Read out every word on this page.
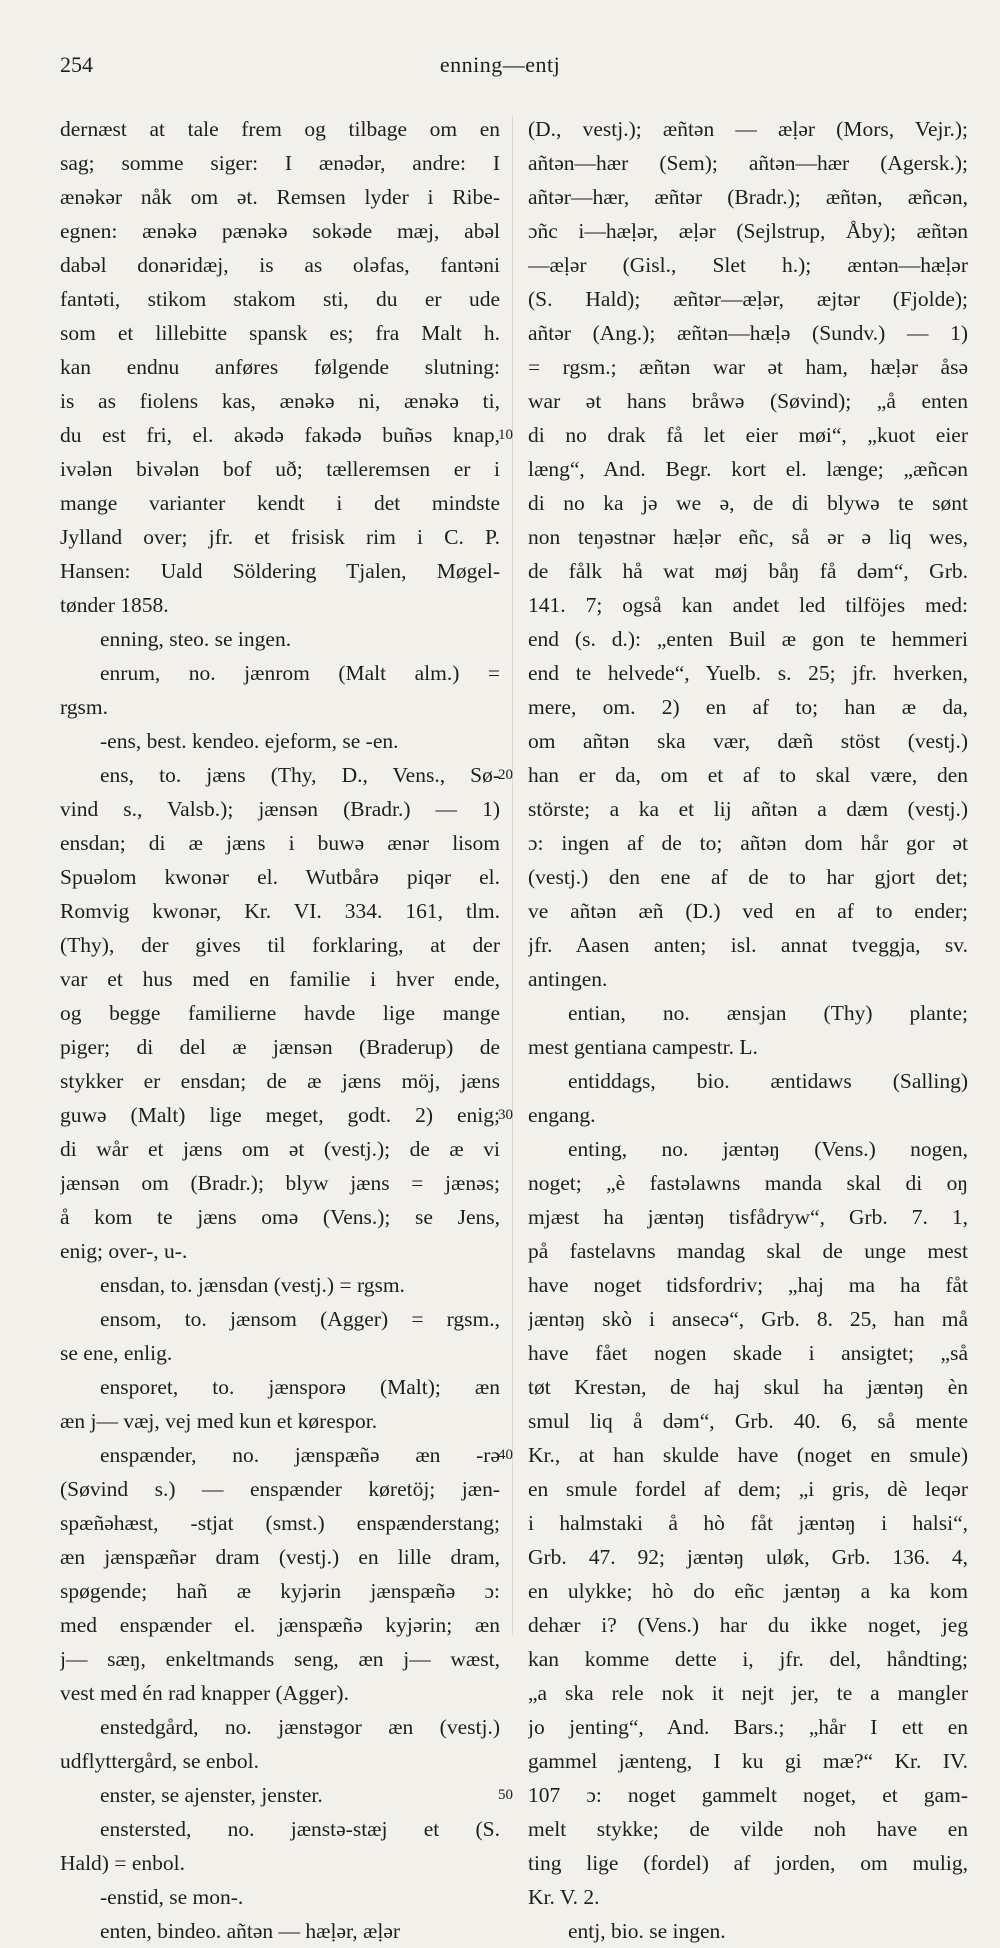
254	enning—entj
dernæst at tale frem og tilbage om en
sag; somme siger: I ænədər, andre: I
ænəkər nåk om ət. Remsen lyder i Ribe-
egnen: ænəkə pænəkə sokəde mæj, abəl
dabəl donəridæj, is as oləfas, fantəni
fantəti, stikom stakom sti, du er ude
som et lillebitte spansk es; fra Malt h.
kan endnu anføres følgende slutning:
is as fiolens kas, ænəkə ni, ænəkə ti,
du est fri, el. akədə fakədə buñəs knap,
ivələn bivələn bof uð; tælleremsen er i
mange varianter kendt i det mindste
Jylland over; jfr. et frisisk rim i C. P.
Hansen: Uald Söldering Tjalen, Møgel-
tønder 1858.
enning, steo. se ingen.
enrum, no. jænrom (Malt alm.) =
rgsm.
-ens, best. kendeo. ejeform, se -en.
ens, to. jæns (Thy, D., Vens., Sø-
vind s., Valsb.); jænsən (Bradr.) — 1)
ensdan; di æ jæns i buwə ænər lisom
Spuəlom kwonər el. Wutbårə piqər el.
Romvig kwonər, Kr. VI. 334. 161, tlm.
(Thy), der gives til forklaring, at der
var et hus med en familie i hver ende,
og begge familierne havde lige mange
piger; di del æ jænsən (Braderup) de
stykker er ensdan; de æ jæns möj, jæns
guwə (Malt) lige meget, godt. 2) enig;
di wår et jæns om ət (vestj.); de æ vi
jænsən om (Bradr.); blyw jæns = jænəs;
å kom te jæns omə (Vens.); se Jens,
enig; over-, u-.
ensdan, to. jænsdan (vestj.) = rgsm.
ensom, to. jænsom (Agger) = rgsm.,
se ene, enlig.
ensporet, to. jænsporə (Malt); æn
æn j— væj, vej med kun et kørespor.
enspænder, no. jænspæñə æn -rə
(Søvind s.) — enspænder køretöj; jæn-
spæñəhæst, -stjat (smst.) enspænderstang;
æn jænspæñər dram (vestj.) en lille dram,
spøgende; hañ æ kyjərin jænspæñə ɔ:
med enspænder el. jænspæñə kyjərin; æn
j— sæŋ, enkeltmands seng, æn j— wæst,
vest med én rad knapper (Agger).
enstedgård, no. jænstəgor æn (vestj.)
udflyttergård, se enbol.
enster, se ajenster, jenster.
enstersted, no. jænstə-stæj et (S.
Hald) = enbol.
-enstid, se mon-.
enten, bindeo. añtən — hæḷər, æḷər
10
20
30
40
50
(D., vestj.); æñtən — æḷər (Mors, Vejr.);
añtən—hær (Sem); añtən—hær (Agersk.);
añtər—hær, æñtər (Bradr.); æñtən, æñcən,
ɔñc i—hæḷər, æḷər (Sejlstrup, Åby); æñtən
—æḷər (Gisl., Slet h.); æntən—hæḷər
(S. Hald); æñtər—æḷər, æjtər (Fjolde);
añtər (Ang.); æñtən—hæḷə (Sundv.) — 1)
= rgsm.; æñtən war ət ham, hæḷər åsə
war ət hans bråwə (Søvind); „å enten
di no drak få let eier møi“, „kuot eier
læng“, And. Begr. kort el. længe; „æñcən
di no ka jə we ə, de di blywə te sønt
non teŋəstnər hæḷər eñc, så ər ə liq wes,
de fålk hå wat møj båŋ få dəm“, Grb.
141. 7; også kan andet led tilföjes med:
end (s. d.): „enten Buil æ gon te hemmeri
end te helvede“, Yuelb. s. 25; jfr. hverken,
mere, om. 2) en af to; han æ da,
om añtən ska vær, dæñ stöst (vestj.)
han er da, om et af to skal være, den
störste; a ka et lij añtən a dæm (vestj.)
ɔ: ingen af de to; añtən dom hår gor ət
(vestj.) den ene af de to har gjort det;
ve añtən æñ (D.) ved en af to ender;
jfr. Aasen anten; isl. annat tveggja, sv.
antingen.
entian, no. ænsjan (Thy) plante;
mest gentiana campestr. L.
entiddags, bio. æntidaws (Salling)
engang.
enting, no. jæntəŋ (Vens.) nogen,
noget; „è fastəlawns manda skal di oŋ
mjæst ha jæntəŋ tisfådryw“, Grb. 7. 1,
på fastelavns mandag skal de unge mest
have noget tidsfordriv; „haj ma ha fåt
jæntəŋ skò i ansecə“, Grb. 8. 25, han må
have fået nogen skade i ansigtet; „så
tøt Krestən, de haj skul ha jæntəŋ èn
smul liq å dəm“, Grb. 40. 6, så mente
Kr., at han skulde have (noget en smule)
en smule fordel af dem; „i gris, dè leqər
i halmstaki å hò fåt jæntəŋ i halsi“,
Grb. 47. 92; jæntəŋ uløk, Grb. 136. 4,
en ulykke; hò do eñc jæntəŋ a ka kom
dehær i? (Vens.) har du ikke noget, jeg
kan komme dette i, jfr. del, håndting;
„a ska rele nok it nejt jer, te a mangler
jo jenting“, And. Bars.; „hår I ett en
gammel jænteng, I ku gi mæ?“ Kr. IV.
107 ɔ: noget gammelt noget, et gam-
melt stykke; de vilde noh have en
ting lige (fordel) af jorden, om mulig,
Kr. V. 2.
entj, bio. se ingen.
